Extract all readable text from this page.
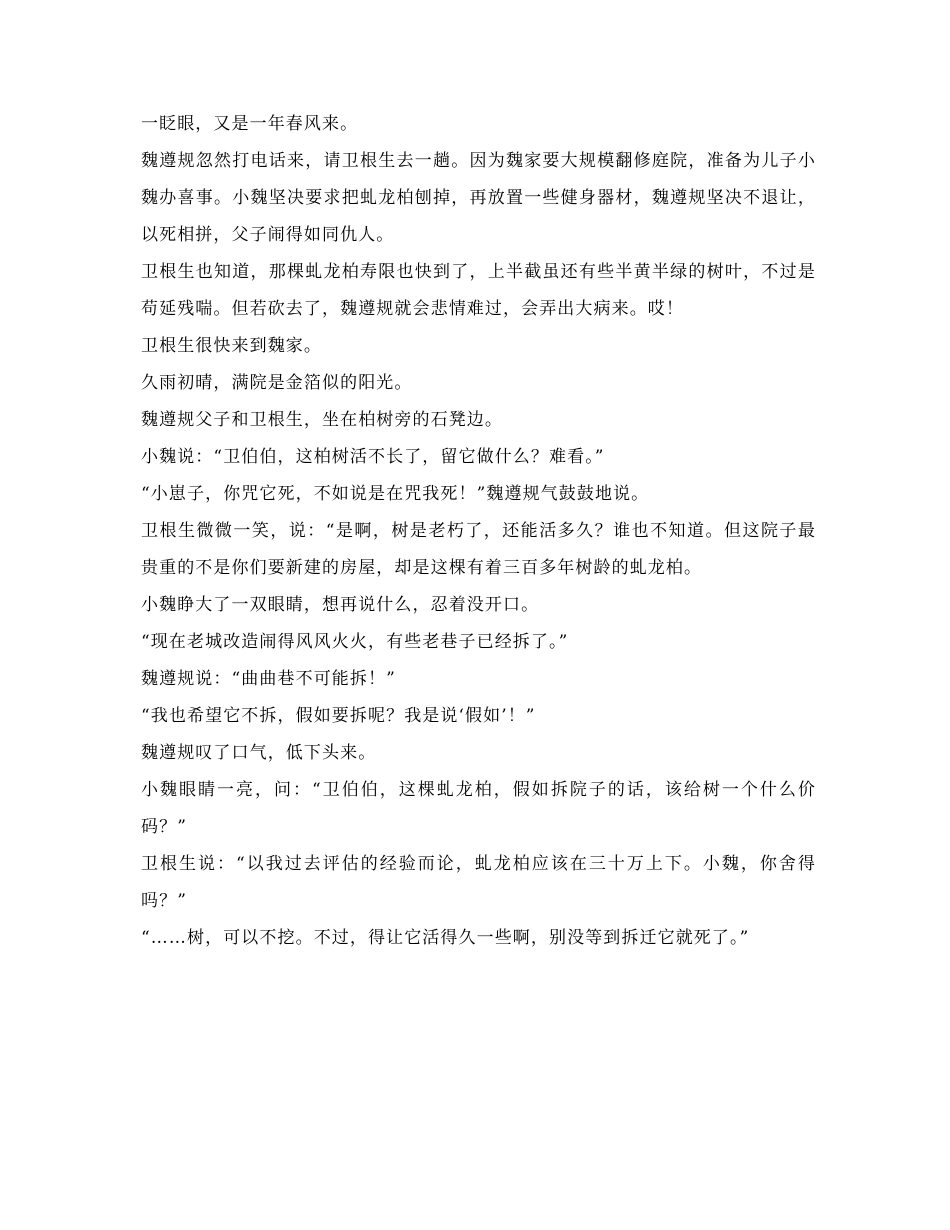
一眨眼，又是一年春风来。

魏遵规忽然打电话来，请卫根生去一趟。因为魏家要大规模翻修庭院，准备为儿子小魏办喜事。小魏坚决要求把虬龙柏刨掉，再放置一些健身器材，魏遵规坚决不退让，以死相拼，父子闹得如同仇人。

卫根生也知道，那棵虬龙柏寿限也快到了，上半截虽还有些半黄半绿的树叶，不过是苟延残喘。但若砍去了，魏遵规就会悲情难过，会弄出大病来。哎！

卫根生很快来到魏家。

久雨初晴，满院是金箔似的阳光。

魏遵规父子和卫根生，坐在柏树旁的石凳边。

小魏说：“卫伯伯，这柏树活不长了，留它做什么？难看。”

“小崽子，你咒它死，不如说是在咒我死！”魏遵规气鼓鼓地说。

卫根生微微一笑，说：“是啊，树是老朽了，还能活多久？谁也不知道。但这院子最贵重的不是你们要新建的房屋，却是这棵有着三百多年树龄的虬龙柏。

小魏睁大了一双眼睛，想再说什么，忍着没开口。

“现在老城改造闹得风风火火，有些老巷子已经拆了。”

魏遵规说：“曲曲巷不可能拆！”

“我也希望它不拆，假如要拆呢？我是说‘假如’！”

魏遵规叹了口气，低下头来。

小魏眼睛一亮，问：“卫伯伯，这棵虬龙柏，假如拆院子的话，该给树一个什么价码？”

卫根生说：“以我过去评估的经验而论，虬龙柏应该在三十万上下。小魏，你舍得吗？”

“……树，可以不挖。不过，得让它活得久一些啊，别没等到拆迁它就死了。”
